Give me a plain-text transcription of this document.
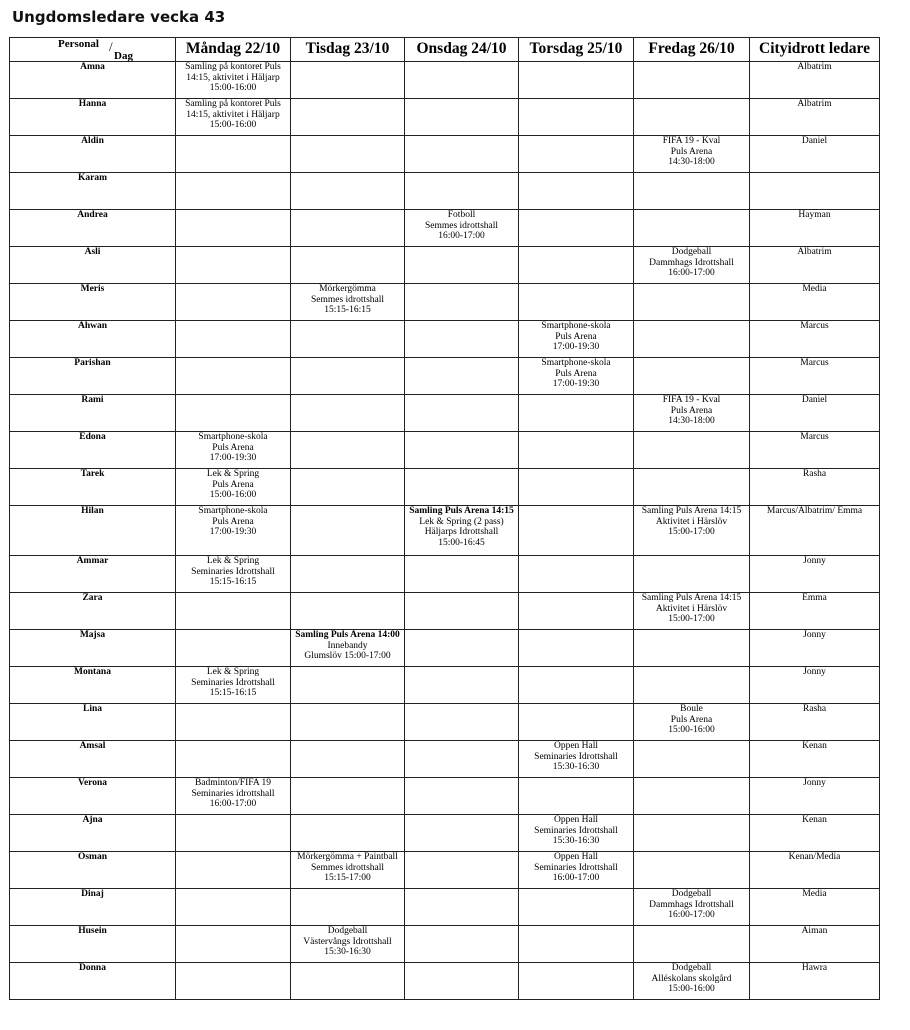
Ungdomsledare vecka 43
Personal /
Dag	Måndag 22/10	Tisdag 23/10	Onsdag 24/10	Torsdag 25/10	Fredag 26/10	Cityidrott ledare
Amna	Samling på kontoret Puls
14:15, aktivitet i Häljarp
15:00-16:00					Albatrim
Hanna	Samling på kontoret Puls
14:15, aktivitet i Häljarp
15:00-16:00					Albatrim
Aldin					FIFA 19 - Kval
Puls Arena
14:30-18:00	Daniel
Karam						
Andrea			Fotboll
Semmes idrottshall
16:00-17:00			Hayman
Asli					Dodgeball
Dammhags Idrottshall
16:00-17:00	Albatrim
Meris		Mörkergömma
Semmes idrottshall
15:15-16:15				Media
Ahwan				Smartphone-skola
Puls Arena
17:00-19:30		Marcus
Parishan				Smartphone-skola
Puls Arena
17:00-19:30		Marcus
Rami					FIFA 19 - Kval
Puls Arena
14:30-18:00	Daniel
Edona	Smartphone-skola
Puls Arena
17:00-19:30					Marcus
Tarek	Lek & Spring
Puls Arena
15:00-16:00					Rasha
Hilan	Smartphone-skola
Puls Arena
17:00-19:30		Samling Puls Arena 14:15
Lek & Spring (2 pass)
Häljarps Idrottshall
15:00-16:45		Samling Puls Arena 14:15
Aktivitet i Härslöv
15:00-17:00	Marcus/Albatrim/ Emma
Ammar	Lek & Spring
Seminaries Idrottshall
15:15-16:15					Jonny
Zara					Samling Puls Arena 14:15
Aktivitet i Härslöv
15:00-17:00	Emma
Majsa		Samling Puls Arena 14:00
Innebandy
Glumslöv 15:00-17:00				Jonny
Montana	Lek & Spring
Seminaries Idrottshall
15:15-16:15					Jonny
Lina					Boule
Puls Arena
15:00-16:00	Rasha
Amsal				Öppen Hall
Seminaries Idrottshall
15:30-16:30		Kenan
Verona	Badminton/FIFA 19
Seminaries idrottshall
16:00-17:00					Jonny
Ajna				Öppen Hall
Seminaries Idrottshall
15:30-16:30		Kenan
Osman		Mörkergömma + Paintball
Semmes idrottshall
15:15-17:00		Öppen Hall
Seminaries Idrottshall
16:00-17:00		Kenan/Media
Dinaj					Dodgeball
Dammhags Idrottshall
16:00-17:00	Media
Husein		Dodgeball
Västervångs Idrottshall
15:30-16:30				Aiman
Donna					Dodgeball
Alléskolans skolgård
15:00-16:00	Hawra
